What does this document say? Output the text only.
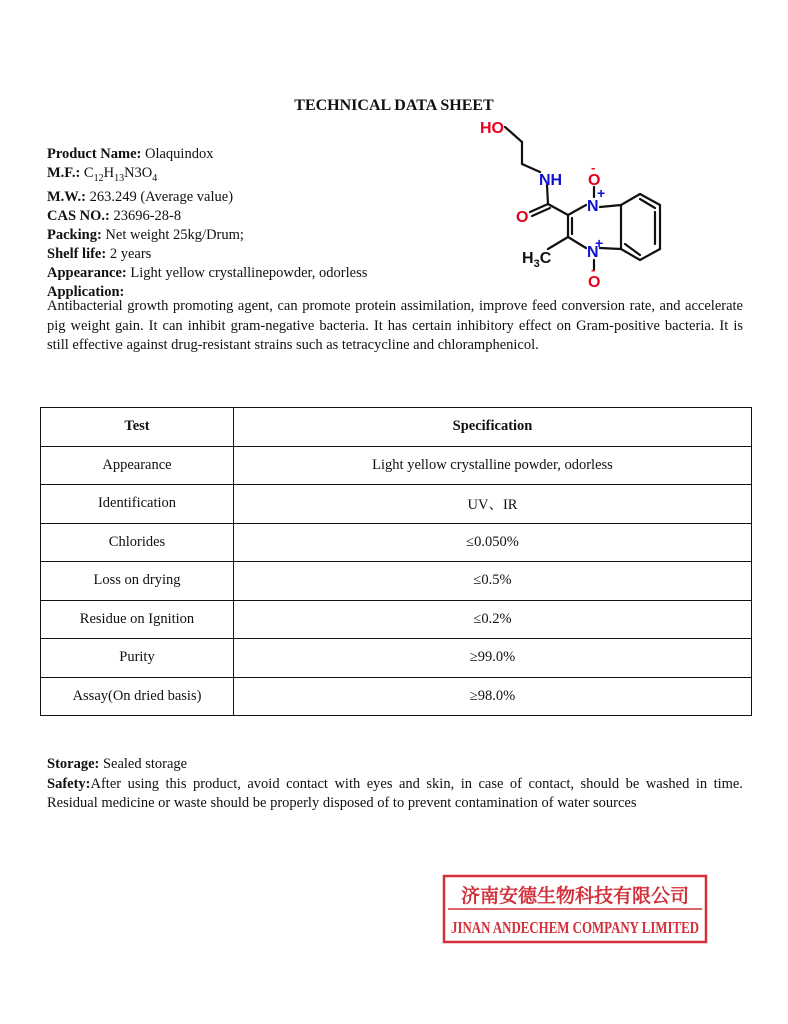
TECHNICAL DATA SHEET
Product Name: Olaquindox
M.F.: $C_{12}H_{13}N3O_4$
M.W.: 263.249 (Average value)
CAS NO.: 23696-28-8
Packing: Net weight 25kg/Drum;
Shelf life: 2 years
Appearance: Light yellow crystallinepowder, odorless
Application:
Antibacterial growth promoting agent, can promote protein assimilation, improve feed conversion rate, and accelerate pig weight gain. It can inhibit gram-negative bacteria. It has certain inhibitory effect on Gram-positive bacteria. It is still effective against drug-resistant strains such as tetracycline and chloramphenicol.
HO
NH
O
O
-
N
+
N
+
O
-
$H_3C$
Test	Specification
Appearance	Light yellow crystalline powder, odorless
Identification	UV、IR
Chlorides	≤0.050%
Loss on drying	≤0.5%
Residue on Ignition	≤0.2%
Purity	≥99.0%
Assay(On dried basis)	≥98.0%
Storage: Sealed storage
Safety:After using this product, avoid contact with eyes and skin, in case of contact, should be washed in time. Residual medicine or waste should be properly disposed of to prevent contamination of water sources
济南安德生物科技有限公司
JINAN ANDECHEM COMPANY LIMITED
